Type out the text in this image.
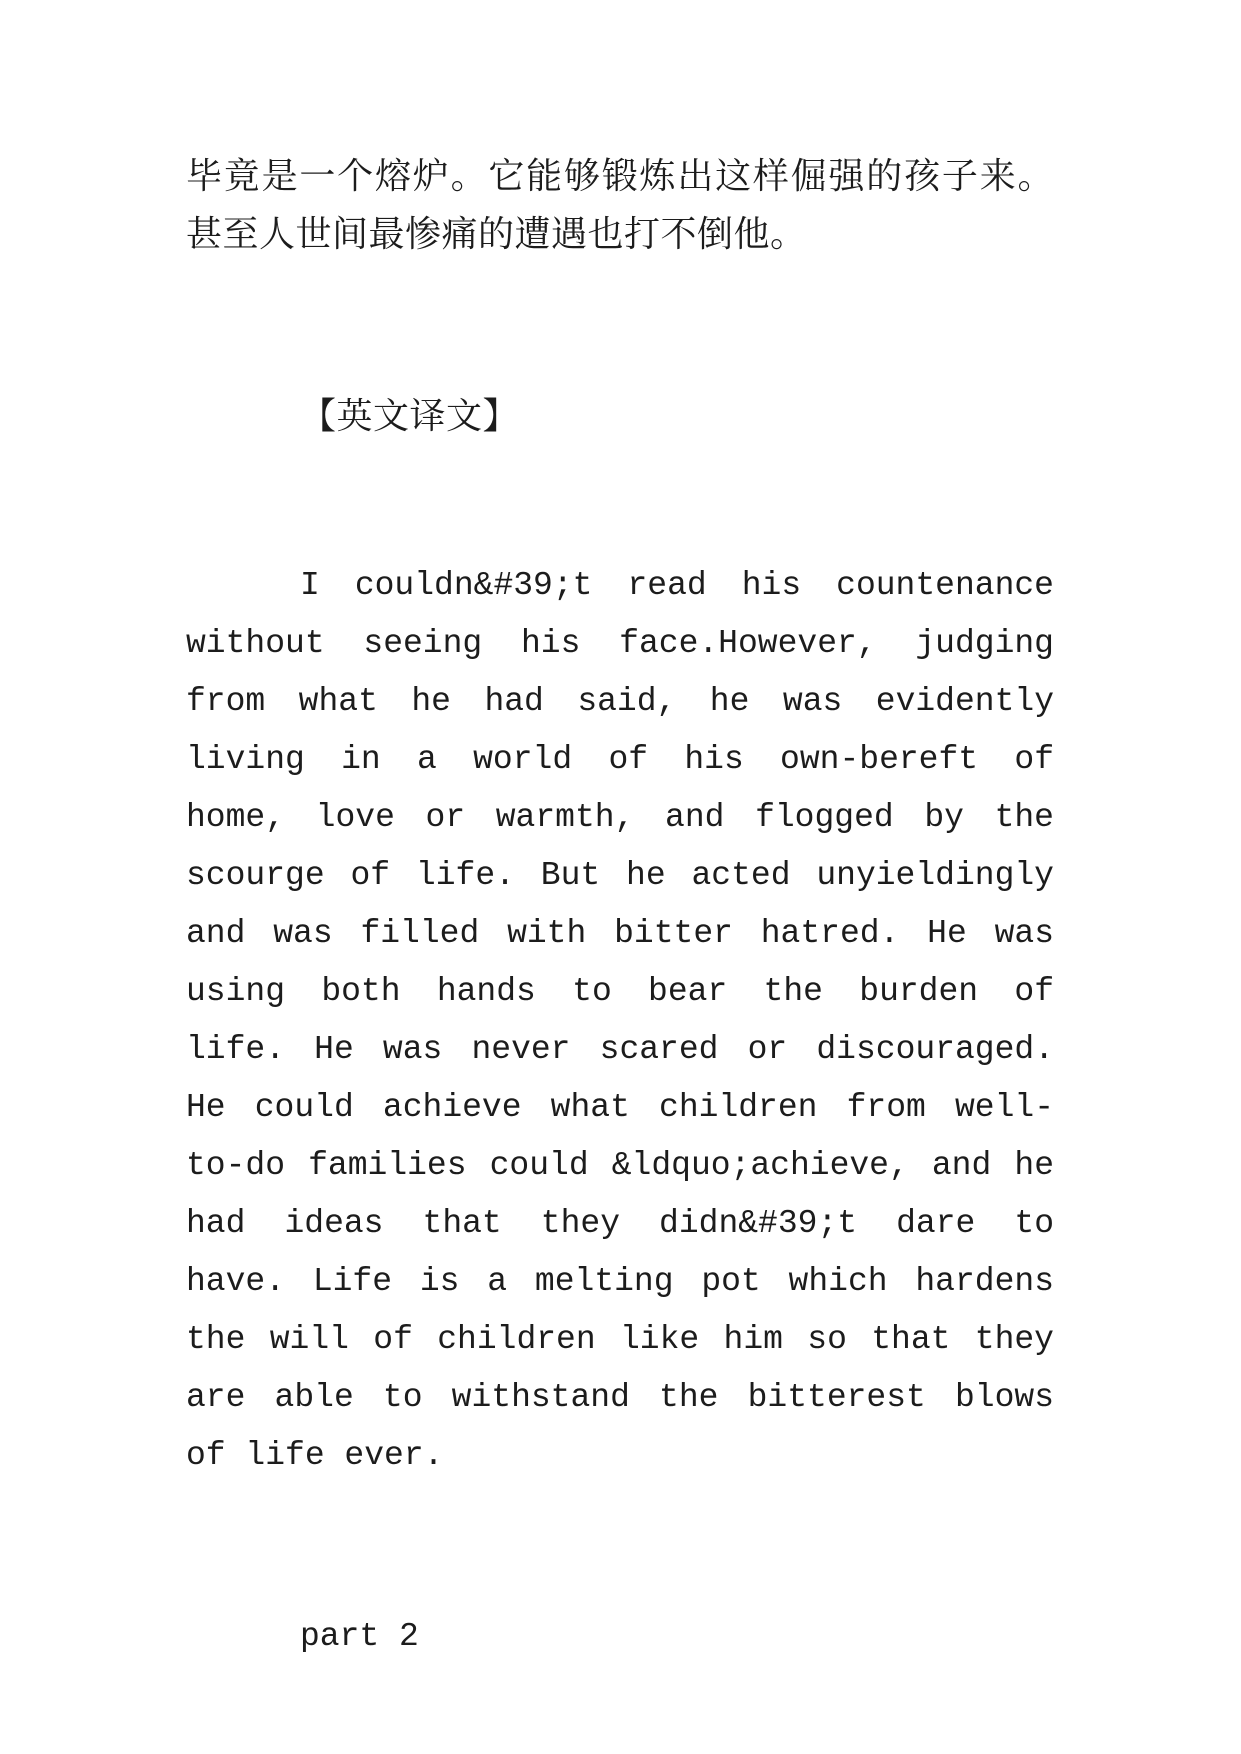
毕竟是一个熔炉。它能够锻炼出这样倔强的孩子来。甚至人世间最惨痛的遭遇也打不倒他。

【英文译文】

I couldn&#39;t read his countenance without seeing his face.However, judging from what he had said, he was evidently living in a world of his own-bereft of home, love or warmth, and flogged by the scourge of life. But he acted unyieldingly and was filled with bitter hatred. He was using both hands to bear the burden of life. He was never scared or discouraged. He could achieve what children from well-to-do families could &ldquo;achieve, and he had ideas that they didn&#39;t dare to have. Life is a melting pot which hardens the will of children like him so that they are able to withstand the bitterest blows of life ever.

part 2
